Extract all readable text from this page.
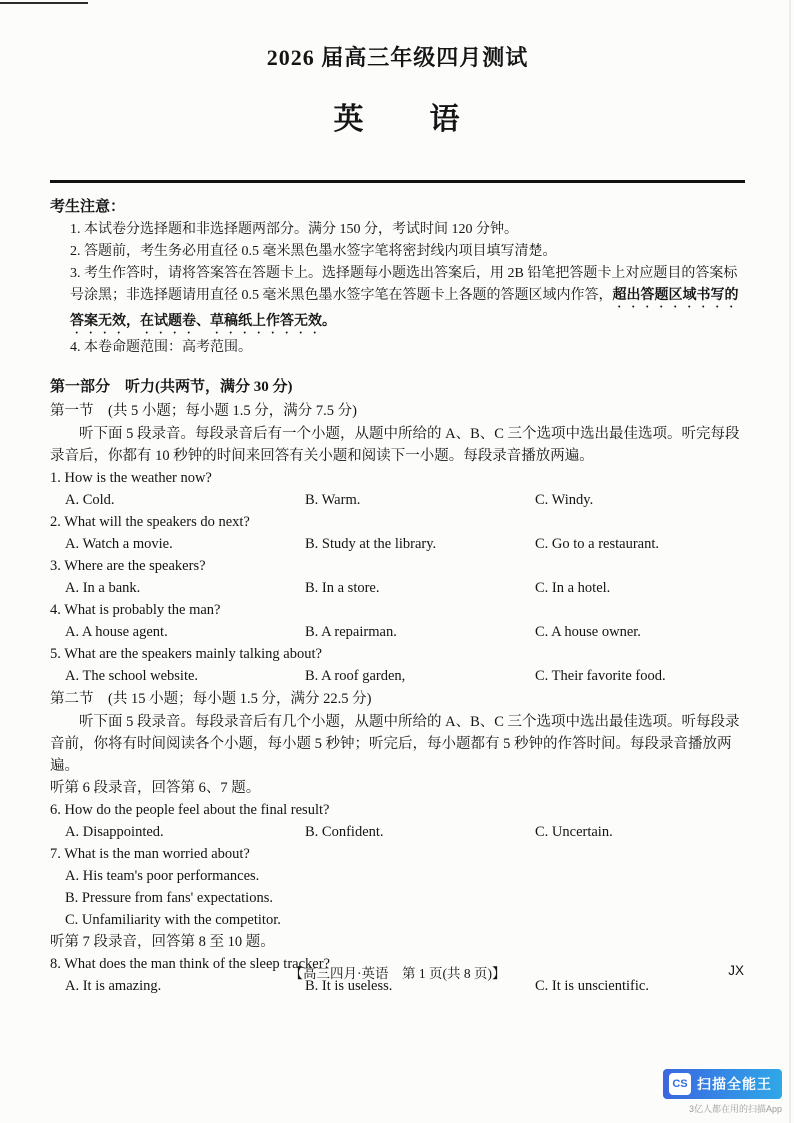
2026 届高三年级四月测试
英　　语
考生注意：
1. 本试卷分选择题和非选择题两部分。满分 150 分，考试时间 120 分钟。
2. 答题前，考生务必用直径 0.5 毫米黑色墨水签字笔将密封线内项目填写清楚。
3. 考生作答时，请将答案答在答题卡上。选择题每小题选出答案后，用 2B 铅笔把答题卡上对应题目的答案标号涂黑；非选择题请用直径 0.5 毫米黑色墨水签字笔在答题卡上各题的答题区域内作答，超出答题区域书写的答案无效，在试题卷、草稿纸上作答无效。
4. 本卷命题范围：高考范围。
第一部分　听力(共两节，满分 30 分)
第一节　(共 5 小题；每小题 1.5 分，满分 7.5 分)
听下面 5 段录音。每段录音后有一个小题，从题中所给的 A、B、C 三个选项中选出最佳选项。听完每段录音后，你都有 10 秒钟的时间来回答有关小题和阅读下一小题。每段录音播放两遍。
1. How is the weather now?
A. Cold.	B. Warm.	C. Windy.
2. What will the speakers do next?
A. Watch a movie.	B. Study at the library.	C. Go to a restaurant.
3. Where are the speakers?
A. In a bank.	B. In a store.	C. In a hotel.
4. What is probably the man?
A. A house agent.	B. A repairman.	C. A house owner.
5. What are the speakers mainly talking about?
A. The school website.	B. A roof garden,	C. Their favorite food.
第二节　(共 15 小题；每小题 1.5 分，满分 22.5 分)
听下面 5 段录音。每段录音后有几个小题，从题中所给的 A、B、C 三个选项中选出最佳选项。听每段录音前，你将有时间阅读各个小题，每小题 5 秒钟；听完后，每小题都有 5 秒钟的作答时间。每段录音播放两遍。
听第 6 段录音，回答第 6、7 题。
6. How do the people feel about the final result?
A. Disappointed.	B. Confident.	C. Uncertain.
7. What is the man worried about?
A. His team's poor performances.
B. Pressure from fans' expectations.
C. Unfamiliarity with the competitor.
听第 7 段录音，回答第 8 至 10 题。
8. What does the man think of the sleep tracker?
A. It is amazing.	B. It is useless.	C. It is unscientific.
【高三四月·英语　第 1 页(共 8 页)】	JX
CS 扫描全能王
3亿人都在用的扫描App
